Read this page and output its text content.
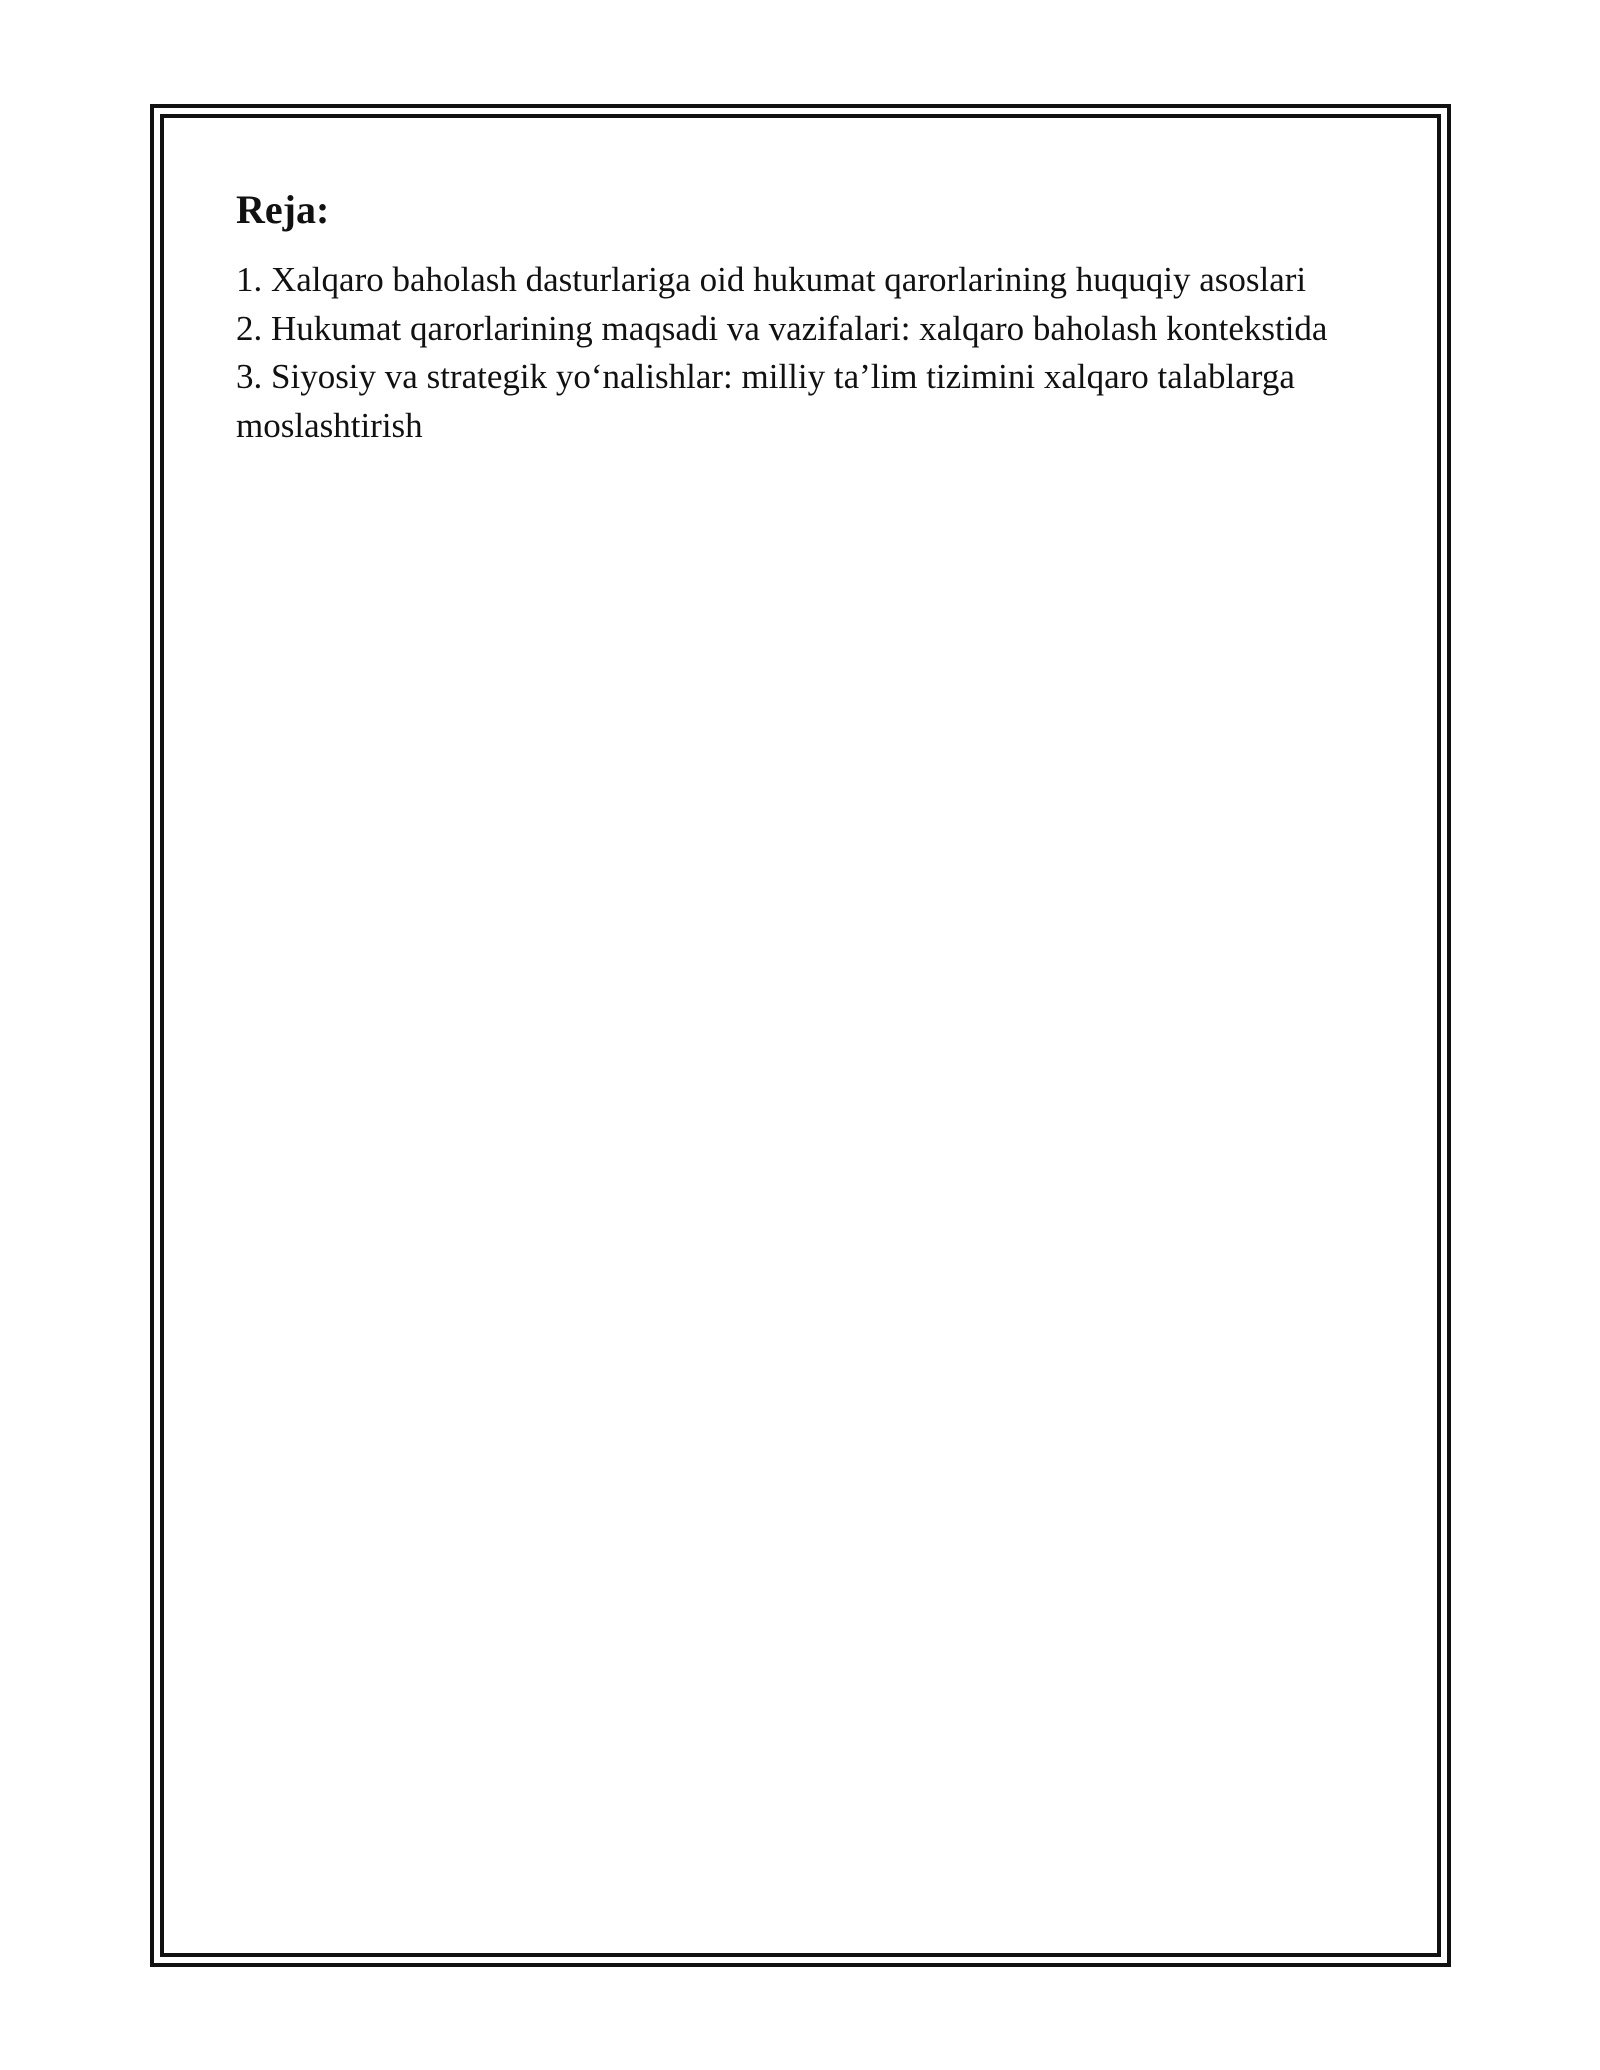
Reja:
1. Xalqaro baholash dasturlariga oid hukumat qarorlarining huquqiy asoslari
2. Hukumat qarorlarining maqsadi va vazifalari: xalqaro baholash kontekstida
3. Siyosiy va strategik yo‘nalishlar: milliy ta’lim tizimini xalqaro talablarga moslashtirish
